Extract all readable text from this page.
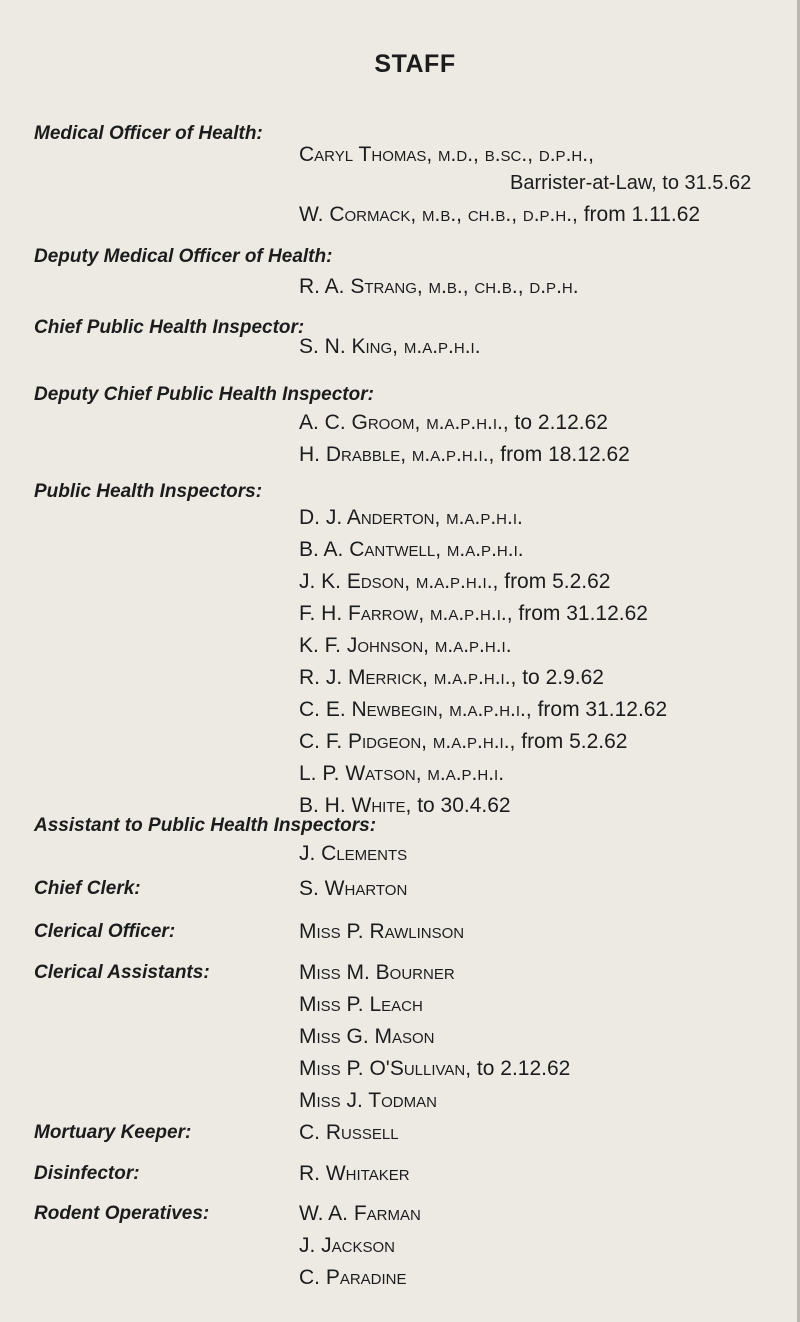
STAFF
Medical Officer of Health:
Caryl Thomas, m.d., b.sc., d.p.h.,
Barrister-at-Law, to 31.5.62
W. Cormack, m.b., ch.b., d.p.h., from 1.11.62
Deputy Medical Officer of Health:
R. A. Strang, m.b., ch.b., d.p.h.
Chief Public Health Inspector:
S. N. King, m.a.p.h.i.
Deputy Chief Public Health Inspector:
A. C. Groom, m.a.p.h.i., to 2.12.62
H. Drabble, m.a.p.h.i., from 18.12.62
Public Health Inspectors:
D. J. Anderton, m.a.p.h.i.
B. A. Cantwell, m.a.p.h.i.
J. K. Edson, m.a.p.h.i., from 5.2.62
F. H. Farrow, m.a.p.h.i., from 31.12.62
K. F. Johnson, m.a.p.h.i.
R. J. Merrick, m.a.p.h.i., to 2.9.62
C. E. Newbegin, m.a.p.h.i., from 31.12.62
C. F. Pidgeon, m.a.p.h.i., from 5.2.62
L. P. Watson, m.a.p.h.i.
B. H. White, to 30.4.62
Assistant to Public Health Inspectors:
J. Clements
Chief Clerk:	S. Wharton
Clerical Officer:	Miss P. Rawlinson
Clerical Assistants:	Miss M. Bourner
Miss P. Leach
Miss G. Mason
Miss P. O'Sullivan, to 2.12.62
Miss J. Todman
Mortuary Keeper:	C. Russell
Disinfector:	R. Whitaker
Rodent Operatives:	W. A. Farman
J. Jackson
C. Paradine
